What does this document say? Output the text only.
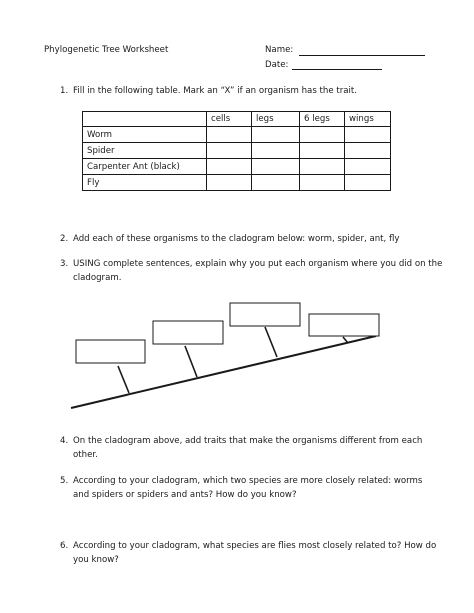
Phylogenetic Tree Worksheet	Name:
Date:
1. Fill in the following table. Mark an “X” if an organism has the trait.
	cells	legs	6 legs	wings
Worm				
Spider				
Carpenter Ant (black)				
Fly				
2. Add each of these organisms to the cladogram below: worm, spider, ant, fly
3. USING complete sentences, explain why you put each organism where you did on the cladogram.
4. On the cladogram above, add traits that make the organisms different from each other.
5. According to your cladogram, which two species are more closely related: worms and spiders or spiders and ants? How do you know?
6. According to your cladogram, what species are flies most closely related to? How do you know?
